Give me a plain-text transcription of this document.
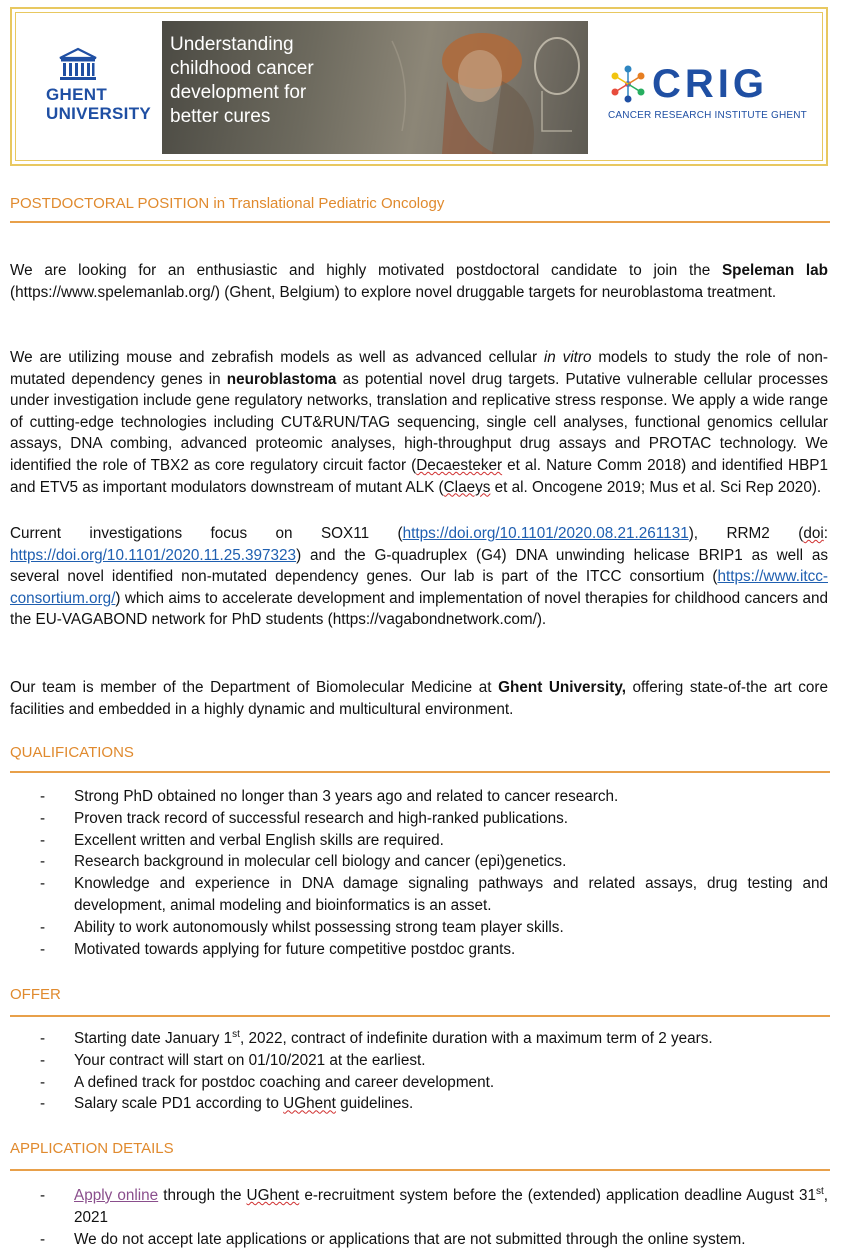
GHENT
UNIVERSITY
Understanding childhood cancer development for better cures
CRIG
CANCER RESEARCH INSTITUTE GHENT
POSTDOCTORAL POSITION in Translational Pediatric Oncology

We are looking for an enthusiastic and highly motivated postdoctoral candidate to join the Speleman lab (https://www.spelemanlab.org/) (Ghent, Belgium) to explore novel druggable targets for neuroblastoma treatment.

We are utilizing mouse and zebrafish models as well as advanced cellular in vitro models to study the role of non-mutated dependency genes in neuroblastoma as potential novel drug targets. Putative vulnerable cellular processes under investigation include gene regulatory networks, translation and replicative stress response. We apply a wide range of cutting-edge technologies including CUT&RUN/TAG sequencing, single cell analyses, functional genomics cellular assays, DNA combing, advanced proteomic analyses, high-throughput drug assays and PROTAC technology. We identified the role of TBX2 as core regulatory circuit factor (Decaesteker et al. Nature Comm 2018) and identified HBP1 and ETV5 as important modulators downstream of mutant ALK (Claeys et al. Oncogene 2019; Mus et al. Sci Rep 2020).

Current investigations focus on SOX11 (https://doi.org/10.1101/2020.08.21.261131), RRM2 (doi: https://doi.org/10.1101/2020.11.25.397323) and the G-quadruplex (G4) DNA unwinding helicase BRIP1 as well as several novel identified non-mutated dependency genes. Our lab is part of the ITCC consortium (https://www.itcc-consortium.org/) which aims to accelerate development and implementation of novel therapies for childhood cancers and the EU-VAGABOND network for PhD students (https://vagabondnetwork.com/).

Our team is member of the Department of Biomolecular Medicine at Ghent University, offering state-of-the art core facilities and embedded in a highly dynamic and multicultural environment.

QUALIFICATIONS
- Strong PhD obtained no longer than 3 years ago and related to cancer research.
- Proven track record of successful research and high-ranked publications.
- Excellent written and verbal English skills are required.
- Research background in molecular cell biology and cancer (epi)genetics.
- Knowledge and experience in DNA damage signaling pathways and related assays, drug testing and development, animal modeling and bioinformatics is an asset.
- Ability to work autonomously whilst possessing strong team player skills.
- Motivated towards applying for future competitive postdoc grants.
OFFER
- Starting date January 1st, 2022, contract of indefinite duration with a maximum term of 2 years.
- Your contract will start on 01/10/2021 at the earliest.
- A defined track for postdoc coaching and career development.
- Salary scale PD1 according to UGhent guidelines.
APPLICATION DETAILS
- Apply online through the UGhent e-recruitment system before the (extended) application deadline August 31st, 2021
- We do not accept late applications or applications that are not submitted through the online system.
